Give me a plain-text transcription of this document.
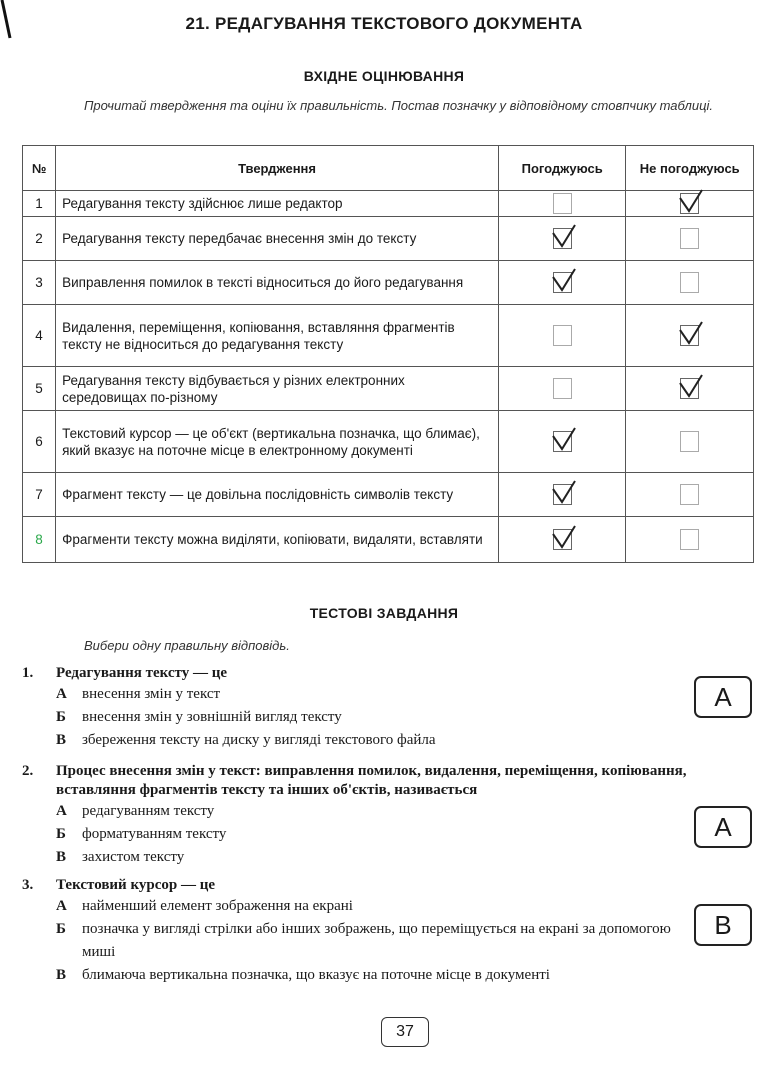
21. РЕДАГУВАННЯ ТЕКСТОВОГО ДОКУМЕНТА
ВХІДНЕ ОЦІНЮВАННЯ
Прочитай твердження та оціни їх правильність. Постав позначку у відповідному стовпчику таблиці.
№	Твердження	Погоджуюсь	Не погоджуюсь
1	Редагування тексту здійснює лише редактор		

2	Редагування тексту передбачає внесення змін до тексту	

3	Виправлення помилок в тексті відноситься до його редагування	

4	Видалення, переміщення, копіювання, вставляння фрагментів тексту не відноситься до редагування тексту		

5	Редагування тексту відбувається у різних електронних середовищах по-різному		

6	Текстовий курсор — це об'єкт (вертикальна позначка, що блимає), який вказує на поточне місце в електронному документі	

7	Фрагмент тексту — це довільна послідовність символів тексту	

8	Фрагменти тексту можна виділяти, копіювати, видаляти, вставляти	

ТЕСТОВІ ЗАВДАННЯ
Вибери одну правильну відповідь.
1.	Редагування тексту — це
А	внесення змін у текст
Б	внесення змін у зовнішній вигляд тексту
В	збереження тексту на диску у вигляді текстового файла
А
2.	Процес внесення змін у текст: виправлення помилок, видалення, переміщення, копіювання, вставляння фрагментів тексту та інших об'єктів, називається
А	редагуванням тексту
Б	форматуванням тексту
В	захистом тексту
А
3.	Текстовий курсор — це
А	найменший елемент зображення на екрані
Б	позначка у вигляді стрілки або інших зображень, що переміщується на екрані за допомогою миші
В	блимаюча вертикальна позначка, що вказує на поточне місце в документі
В
37
